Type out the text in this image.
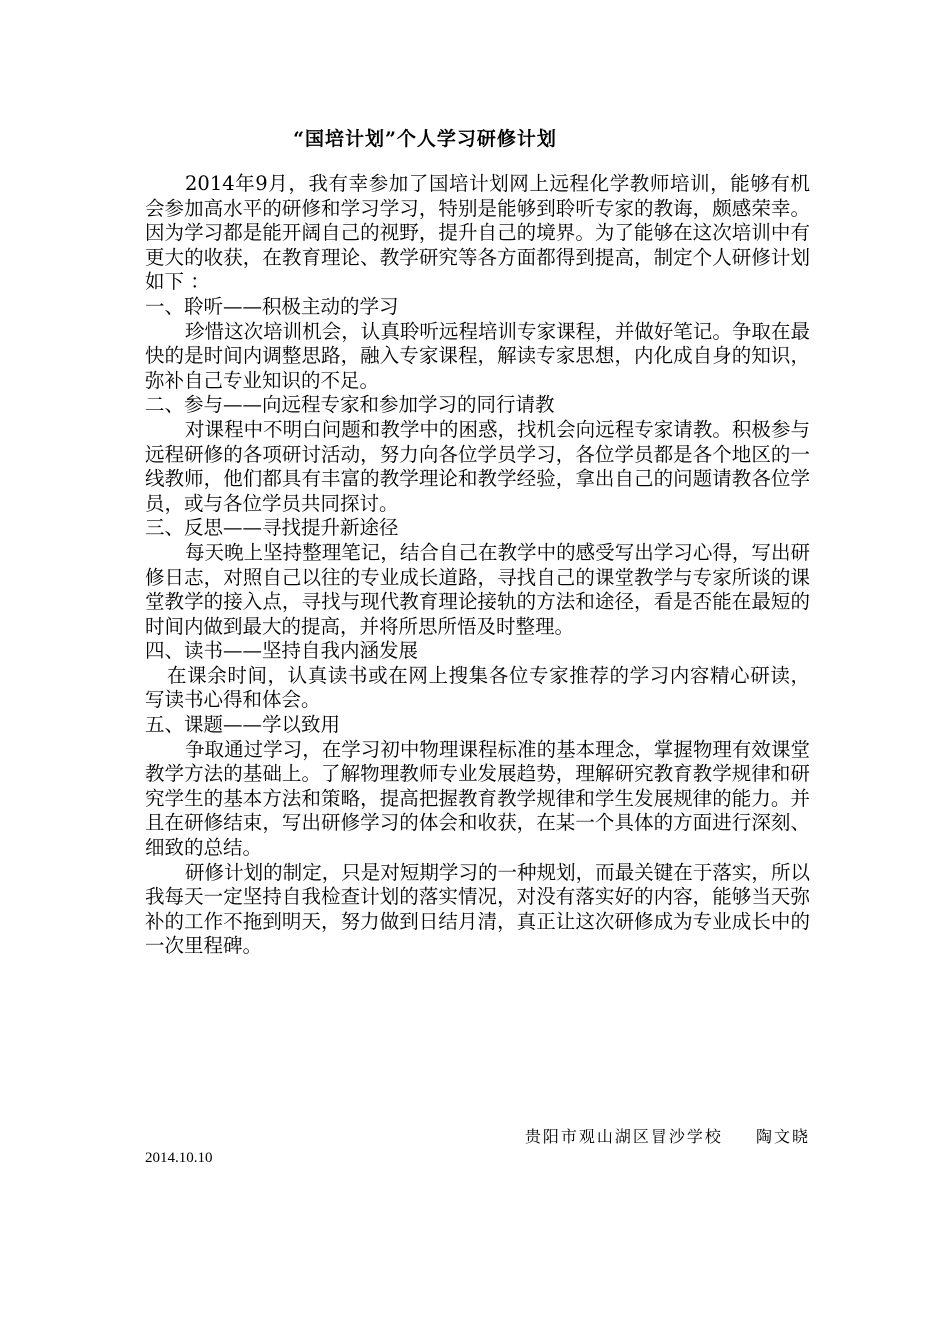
“国培计划”个人学习研修计划

2014年9月，我有幸参加了国培计划网上远程化学教师培训，能够有机会参加高水平的研修和学习学习，特别是能够到聆听专家的教诲，颇感荣幸。因为学习都是能开阔自己的视野，提升自己的境界。为了能够在这次培训中有更大的收获，在教育理论、教学研究等各方面都得到提高，制定个人研修计划如下 ：

一、聆听——积极主动的学习

珍惜这次培训机会，认真聆听远程培训专家课程，并做好笔记。争取在最快的是时间内调整思路，融入专家课程，解读专家思想，内化成自身的知识，弥补自己专业知识的不足。

二、参与——向远程专家和参加学习的同行请教

对课程中不明白问题和教学中的困惑，找机会向远程专家请教。积极参与远程研修的各项研讨活动，努力向各位学员学习，各位学员都是各个地区的一线教师，他们都具有丰富的教学理论和教学经验，拿出自己的问题请教各位学员，或与各位学员共同探讨。

三、反思——寻找提升新途径

每天晚上坚持整理笔记，结合自己在教学中的感受写出学习心得，写出研修日志，对照自己以往的专业成长道路，寻找自己的课堂教学与专家所谈的课堂教学的接入点，寻找与现代教育理论接轨的方法和途径，看是否能在最短的时间内做到最大的提高，并将所思所悟及时整理。

四、读书——坚持自我内涵发展

在课余时间，认真读书或在网上搜集各位专家推荐的学习内容精心研读，写读书心得和体会。

五、课题——学以致用

争取通过学习，在学习初中物理课程标准的基本理念，掌握物理有效课堂教学方法的基础上。了解物理教师专业发展趋势，理解研究教育教学规律和研究学生的基本方法和策略，提高把握教育教学规律和学生发展规律的能力。并且在研修结束，写出研修学习的体会和收获，在某一个具体的方面进行深刻、细致的总结。

研修计划的制定，只是对短期学习的一种规划，而最关键在于落实，所以我每天一定坚持自我检查计划的落实情况，对没有落实好的内容，能够当天弥补的工作不拖到明天，努力做到日结月清，真正让这次研修成为专业成长中的一次里程碑。

贵阳市观山湖区冒沙学校　 陶文晓
2014.10.10
